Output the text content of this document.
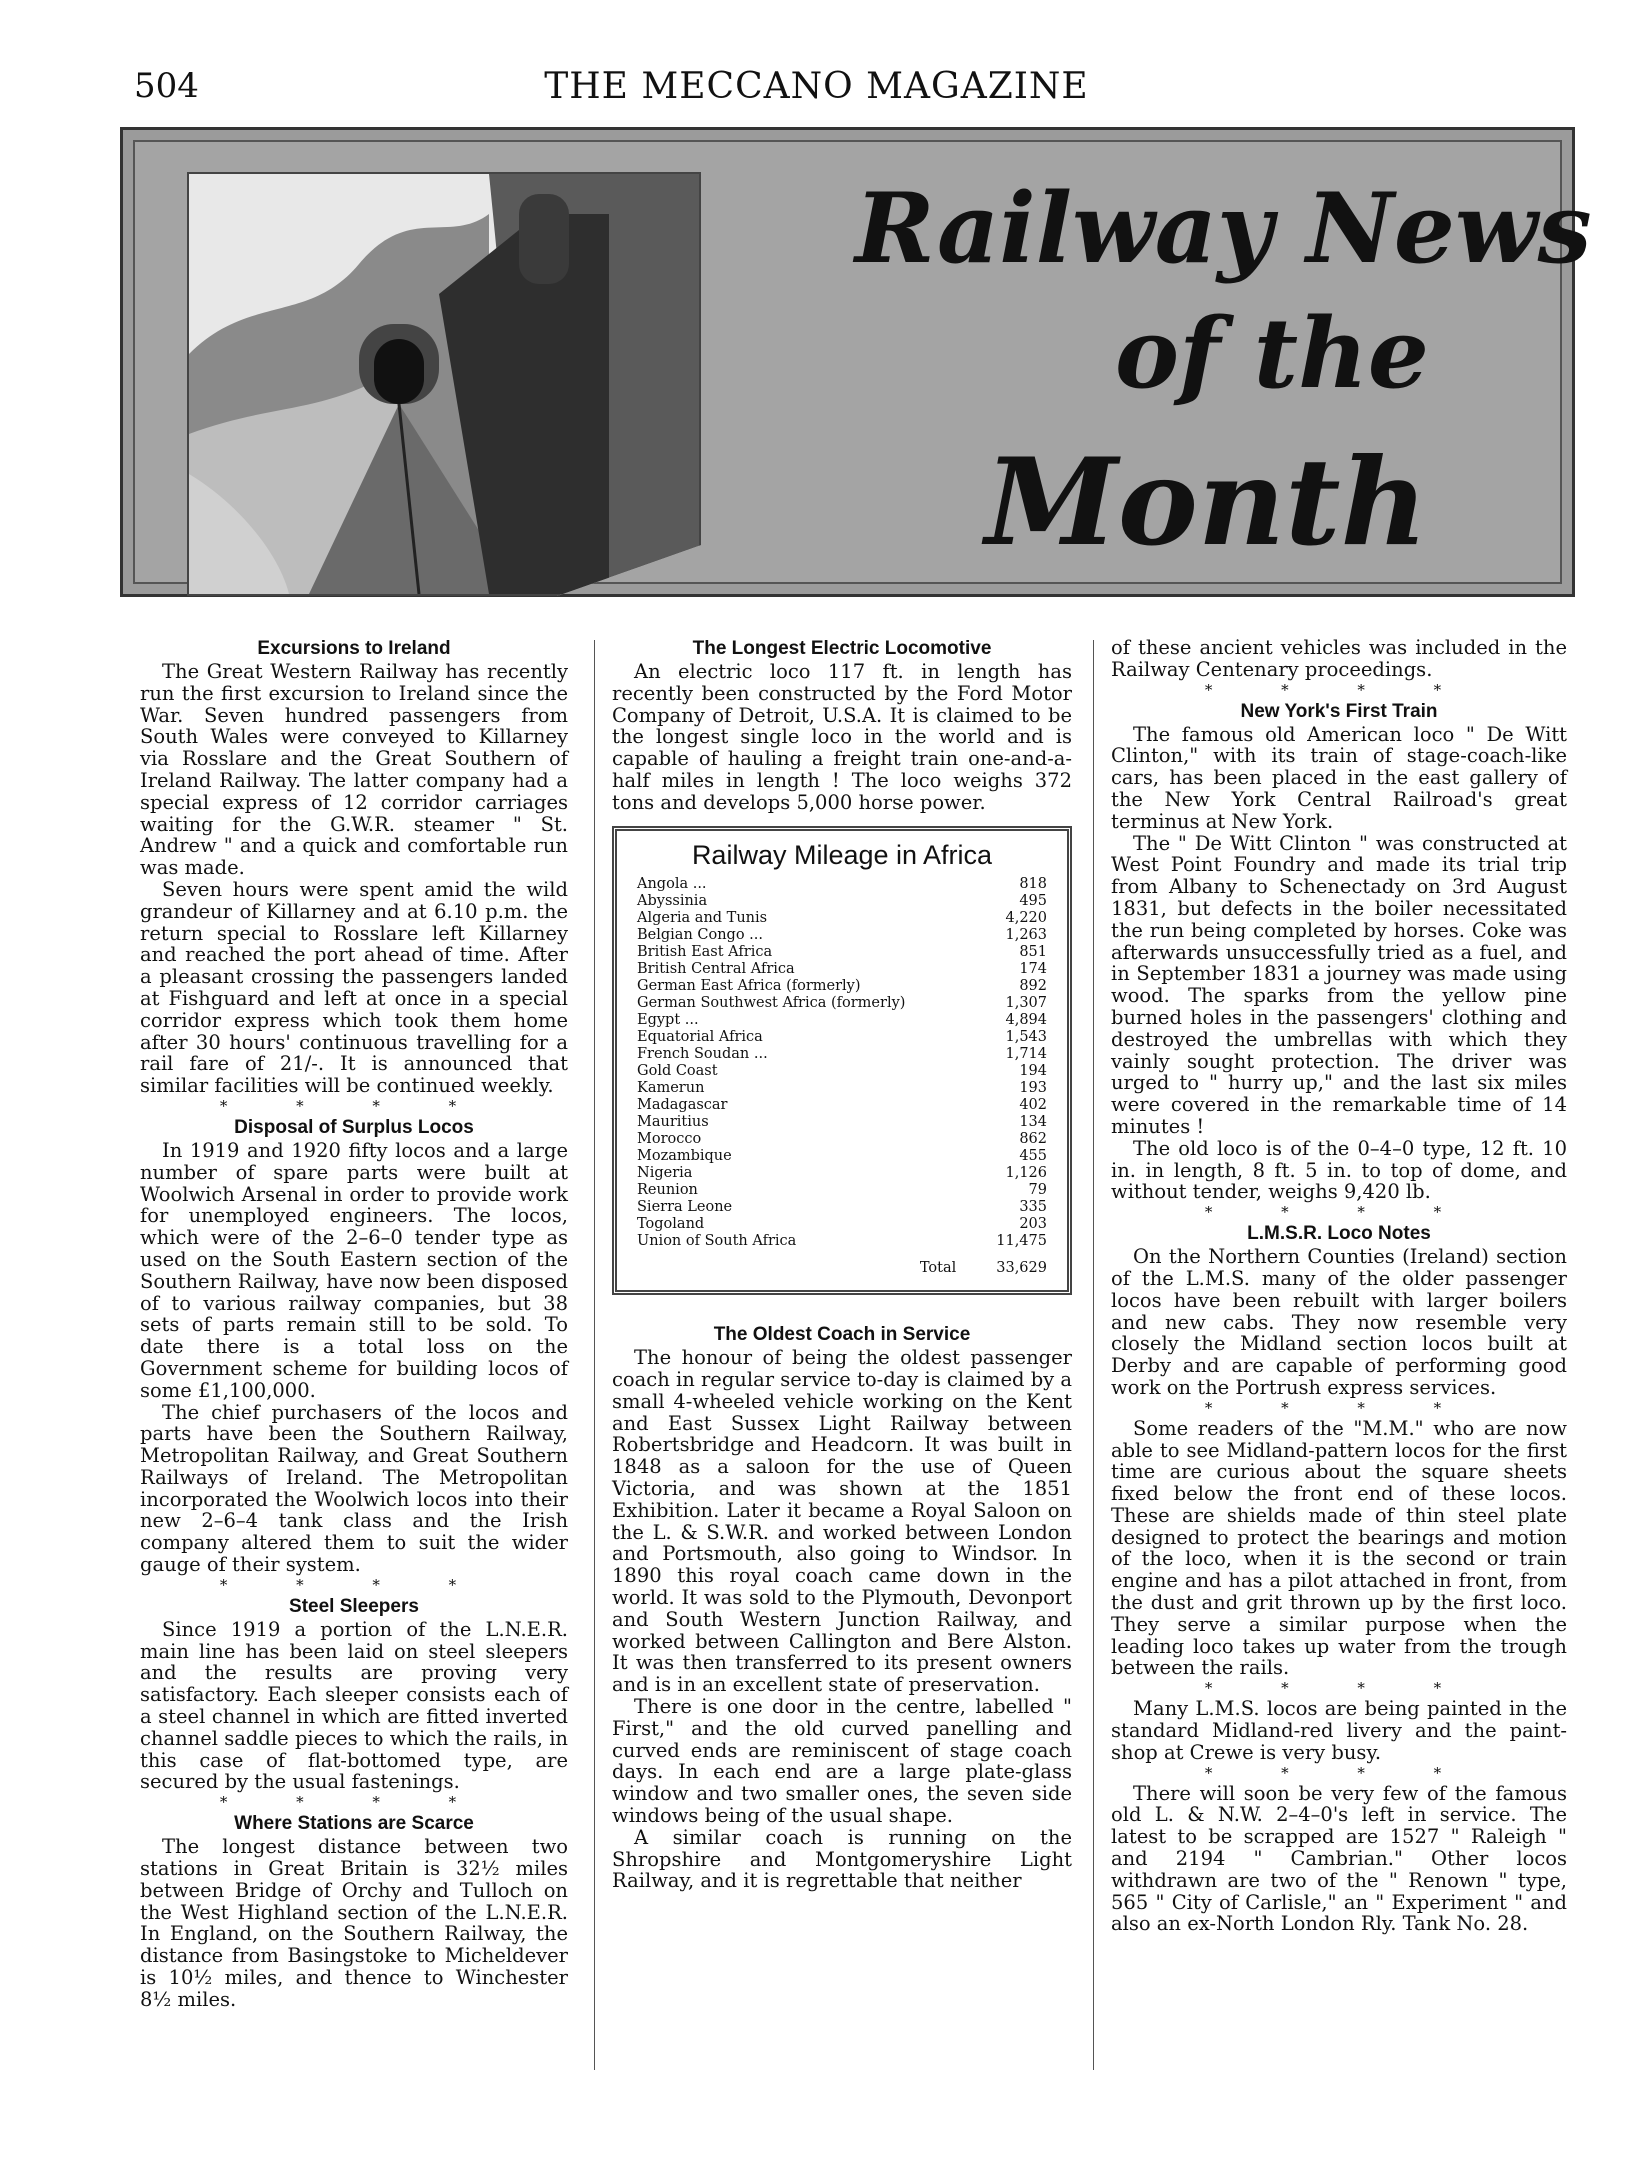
504	THE MECCANO MAGAZINE
Railway News
of the
Month
Excursions to Ireland

The Great Western Railway has recently run the first excursion to Ireland since the War. Seven hundred passengers from South Wales were conveyed to Killarney via Rosslare and the Great Southern of Ireland Railway. The latter company had a special express of 12 corridor carriages waiting for the G.W.R. steamer " St. Andrew " and a quick and comfortable run was made.

Seven hours were spent amid the wild grandeur of Killarney and at 6.10 p.m. the return special to Rosslare left Killarney and reached the port ahead of time. After a pleasant crossing the passengers landed at Fishguard and left at once in a special corridor express which took them home after 30 hours' continuous travelling for a rail fare of 21/-. It is announced that similar facilities will be continued weekly.

* * * *
Disposal of Surplus Locos

In 1919 and 1920 fifty locos and a large number of spare parts were built at Woolwich Arsenal in order to provide work for unemployed engineers. The locos, which were of the 2–6–0 tender type as used on the South Eastern section of the Southern Railway, have now been disposed of to various railway companies, but 38 sets of parts remain still to be sold. To date there is a total loss on the Government scheme for building locos of some £1,100,000.

The chief purchasers of the locos and parts have been the Southern Railway, Metropolitan Railway, and Great Southern Railways of Ireland. The Metropolitan incorporated the Woolwich locos into their new 2–6–4 tank class and the Irish company altered them to suit the wider gauge of their system.

* * * *
Steel Sleepers

Since 1919 a portion of the L.N.E.R. main line has been laid on steel sleepers and the results are proving very satisfactory. Each sleeper consists each of a steel channel in which are fitted inverted channel saddle pieces to which the rails, in this case of flat-bottomed type, are secured by the usual fastenings.

* * * *
Where Stations are Scarce

The longest distance between two stations in Great Britain is 32½ miles between Bridge of Orchy and Tulloch on the West Highland section of the L.N.E.R. In England, on the Southern Railway, the distance from Basingstoke to Micheldever is 10½ miles, and thence to Winchester 8½ miles.

The Longest Electric Locomotive

An electric loco 117 ft. in length has recently been constructed by the Ford Motor Company of Detroit, U.S.A. It is claimed to be the longest single loco in the world and is capable of hauling a freight train one-and-a-half miles in length ! The loco weighs 372 tons and develops 5,000 horse power.

Railway Mileage in Africa
Angola ...	818
Abyssinia	495
Algeria and Tunis	4,220
Belgian Congo ...	1,263
British East Africa	851
British Central Africa	174
German East Africa (formerly)	892
German Southwest Africa (formerly)	1,307
Egypt ...	4,894
Equatorial Africa	1,543
French Soudan ...	1,714
Gold Coast	194
Kamerun	193
Madagascar	402
Mauritius	134
Morocco	862
Mozambique	455
Nigeria	1,126
Reunion	79
Sierra Leone	335
Togoland	203
Union of South Africa	11,475
Total	33,629
The Oldest Coach in Service

The honour of being the oldest passenger coach in regular service to-day is claimed by a small 4-wheeled vehicle working on the Kent and East Sussex Light Railway between Robertsbridge and Headcorn. It was built in 1848 as a saloon for the use of Queen Victoria, and was shown at the 1851 Exhibition. Later it became a Royal Saloon on the L. & S.W.R. and worked between London and Portsmouth, also going to Windsor. In 1890 this royal coach came down in the world. It was sold to the Plymouth, Devonport and South Western Junction Railway, and worked between Callington and Bere Alston. It was then transferred to its present owners and is in an excellent state of preservation.

There is one door in the centre, labelled " First," and the old curved panelling and curved ends are reminiscent of stage coach days. In each end are a large plate-glass window and two smaller ones, the seven side windows being of the usual shape.

A similar coach is running on the Shropshire and Montgomeryshire Light Railway, and it is regrettable that neither

of these ancient vehicles was included in the Railway Centenary proceedings.

* * * *
New York's First Train

The famous old American loco " De Witt Clinton," with its train of stage-coach-like cars, has been placed in the east gallery of the New York Central Railroad's great terminus at New York.

The " De Witt Clinton " was constructed at West Point Foundry and made its trial trip from Albany to Schenectady on 3rd August 1831, but defects in the boiler necessitated the run being completed by horses. Coke was afterwards unsuccessfully tried as a fuel, and in September 1831 a journey was made using wood. The sparks from the yellow pine burned holes in the passengers' clothing and destroyed the umbrellas with which they vainly sought protection. The driver was urged to " hurry up," and the last six miles were covered in the remarkable time of 14 minutes !

The old loco is of the 0–4–0 type, 12 ft. 10 in. in length, 8 ft. 5 in. to top of dome, and without tender, weighs 9,420 lb.

* * * *
L.M.S.R. Loco Notes

On the Northern Counties (Ireland) section of the L.M.S. many of the older passenger locos have been rebuilt with larger boilers and new cabs. They now resemble very closely the Midland section locos built at Derby and are capable of performing good work on the Portrush express services.

* * * *

Some readers of the "M.M." who are now able to see Midland-pattern locos for the first time are curious about the square sheets fixed below the front end of these locos. These are shields made of thin steel plate designed to protect the bearings and motion of the loco, when it is the second or train engine and has a pilot attached in front, from the dust and grit thrown up by the first loco. They serve a similar purpose when the leading loco takes up water from the trough between the rails.

* * * *

Many L.M.S. locos are being painted in the standard Midland-red livery and the paint-shop at Crewe is very busy.

* * * *

There will soon be very few of the famous old L. & N.W. 2–4–0's left in service. The latest to be scrapped are 1527 " Raleigh " and 2194 " Cambrian." Other locos withdrawn are two of the " Renown " type, 565 " City of Carlisle," an " Experiment " and also an ex-North London Rly. Tank No. 28.
